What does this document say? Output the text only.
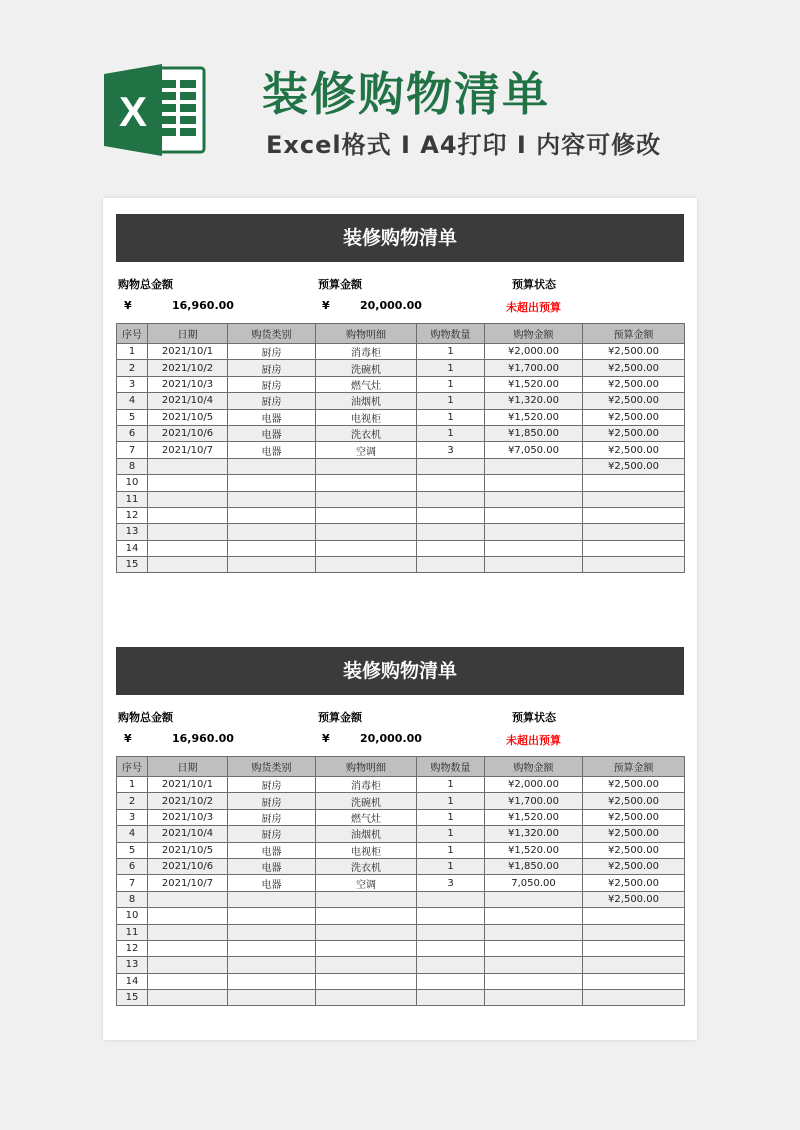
X 装修购物清单
Excel格式 I A4打印 I 内容可修改
装修购物清单
购物总金额
¥	16,960.00
预算金额
¥	20,000.00
预算状态
未超出预算
序号	日期	购货类别	购物明细	购物数量	购物金额	预算金额
1	2021/10/1	厨房	消毒柜	1	¥2,000.00	¥2,500.00
2	2021/10/2	厨房	洗碗机	1	¥1,700.00	¥2,500.00
3	2021/10/3	厨房	燃气灶	1	¥1,520.00	¥2,500.00
4	2021/10/4	厨房	油烟机	1	¥1,320.00	¥2,500.00
5	2021/10/5	电器	电视柜	1	¥1,520.00	¥2,500.00
6	2021/10/6	电器	洗衣机	1	¥1,850.00	¥2,500.00
7	2021/10/7	电器	空调	3	¥7,050.00	¥2,500.00
8						¥2,500.00
10						
11						
12						
13						
14						
15						
装修购物清单
购物总金额
¥	16,960.00
预算金额
¥	20,000.00
预算状态
未超出预算
序号	日期	购货类别	购物明细	购物数量	购物金额	预算金额
1	2021/10/1	厨房	消毒柜	1	¥2,000.00	¥2,500.00
2	2021/10/2	厨房	洗碗机	1	¥1,700.00	¥2,500.00
3	2021/10/3	厨房	燃气灶	1	¥1,520.00	¥2,500.00
4	2021/10/4	厨房	油烟机	1	¥1,320.00	¥2,500.00
5	2021/10/5	电器	电视柜	1	¥1,520.00	¥2,500.00
6	2021/10/6	电器	洗衣机	1	¥1,850.00	¥2,500.00
7	2021/10/7	电器	空调	3	7,050.00	¥2,500.00
8						¥2,500.00
10						
11						
12						
13						
14						
15						
